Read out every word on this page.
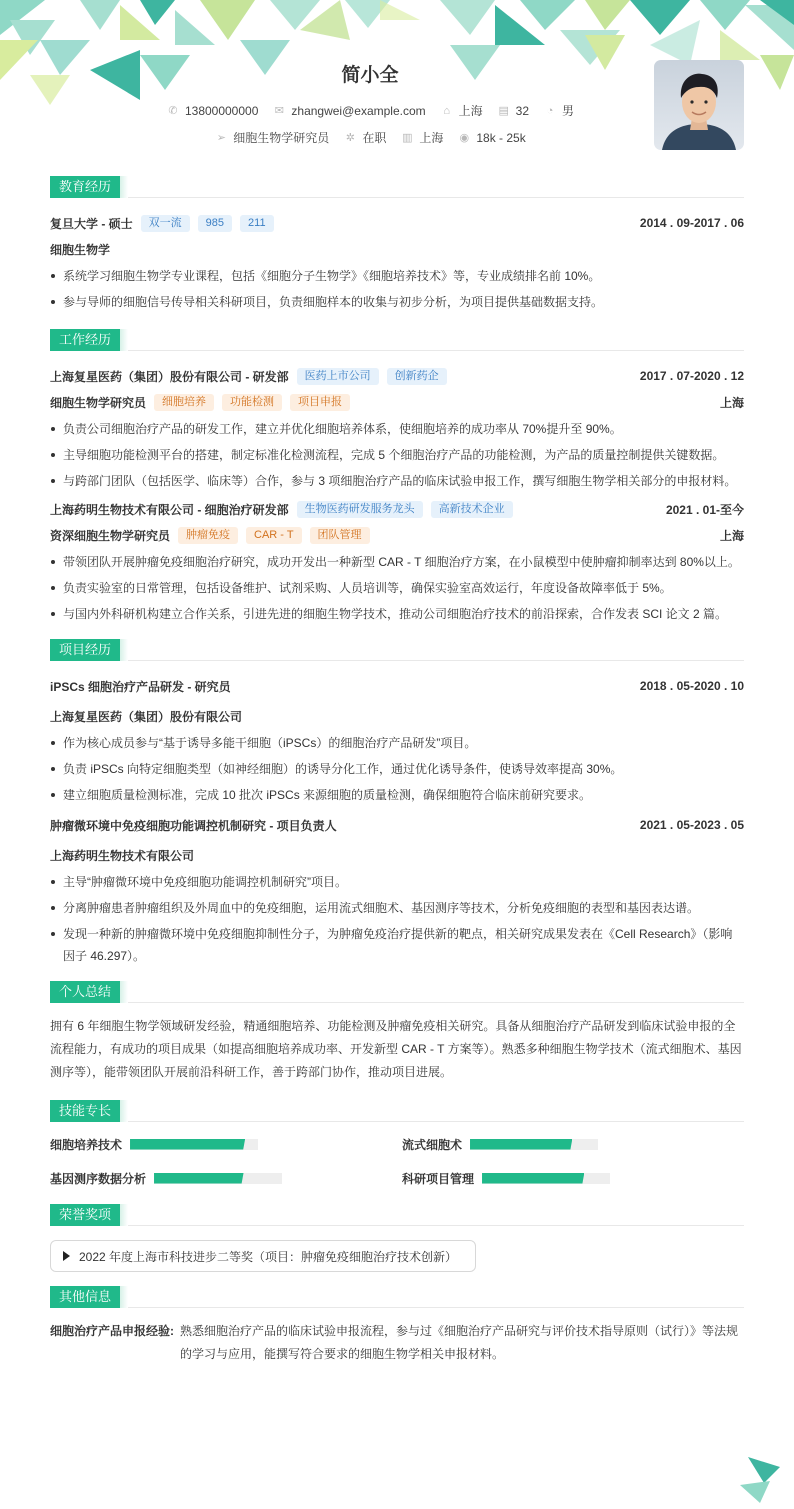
简小全
✆ 13800000000 ✉ zhangwei@example.com	⌂ 上海 ▤ 32	◔ 男
➢ 细胞生物学研究员 ✲ 在职 ▥ 上海 ◉ 18k - 25k
教育经历
复旦大学 - 硕士	双一流	985	211	2014 . 09-2017 . 06
细胞生物学
系统学习细胞生物学专业课程，包括《细胞分子生物学》《细胞培养技术》等，专业成绩排名前 10%。
参与导师的细胞信号传导相关科研项目，负责细胞样本的收集与初步分析，为项目提供基础数据支持。
工作经历
上海复星医药（集团）股份有限公司 - 研发部	医药上市公司	创新药企	2017 . 07-2020 . 12
细胞生物学研究员	细胞培养	功能检测	项目申报	上海
负责公司细胞治疗产品的研发工作，建立并优化细胞培养体系，使细胞培养的成功率从 70%提升至 90%。
主导细胞功能检测平台的搭建，制定标准化检测流程，完成 5 个细胞治疗产品的功能检测，为产品的质量控制提供关键数据。
与跨部门团队（包括医学、临床等）合作，参与 3 项细胞治疗产品的临床试验申报工作，撰写细胞生物学相关部分的申报材料。
上海药明生物技术有限公司 - 细胞治疗研发部	生物医药研发服务龙头	高新技术企业	2021 . 01-至今
资深细胞生物学研究员	肿瘤免疫	CAR - T	团队管理	上海
带领团队开展肿瘤免疫细胞治疗研究，成功开发出一种新型 CAR - T 细胞治疗方案，在小鼠模型中使肿瘤抑制率达到 80%以上。
负责实验室的日常管理，包括设备维护、试剂采购、人员培训等，确保实验室高效运行，年度设备故障率低于 5%。
与国内外科研机构建立合作关系，引进先进的细胞生物学技术，推动公司细胞治疗技术的前沿探索，合作发表 SCI 论文 2 篇。
项目经历
iPSCs 细胞治疗产品研发 - 研究员	2018 . 05-2020 . 10
上海复星医药（集团）股份有限公司
作为核心成员参与“基于诱导多能干细胞（iPSCs）的细胞治疗产品研发”项目。
负责 iPSCs 向特定细胞类型（如神经细胞）的诱导分化工作，通过优化诱导条件，使诱导效率提高 30%。
建立细胞质量检测标准，完成 10 批次 iPSCs 来源细胞的质量检测，确保细胞符合临床前研究要求。
肿瘤微环境中免疫细胞功能调控机制研究 - 项目负责人	2021 . 05-2023 . 05
上海药明生物技术有限公司
主导“肿瘤微环境中免疫细胞功能调控机制研究”项目。
分离肿瘤患者肿瘤组织及外周血中的免疫细胞，运用流式细胞术、基因测序等技术，分析免疫细胞的表型和基因表达谱。
发现一种新的肿瘤微环境中免疫细胞抑制性分子，为肿瘤免疫治疗提供新的靶点，相关研究成果发表在《Cell Research》（影响因子 46.297）。
个人总结

拥有 6 年细胞生物学领域研发经验，精通细胞培养、功能检测及肿瘤免疫相关研究。具备从细胞治疗产品研发到临床试验申报的全流程能力，有成功的项目成果（如提高细胞培养成功率、开发新型 CAR - T 方案等）。熟悉多种细胞生物学技术（流式细胞术、基因测序等），能带领团队开展前沿科研工作，善于跨部门协作，推动项目进展。

技能专长
细胞培养技术	流式细胞术
基因测序数据分析	科研项目管理
荣誉奖项
2022 年度上海市科技进步二等奖（项目：肿瘤免疫细胞治疗技术创新）
其他信息
细胞治疗产品申报经验: 熟悉细胞治疗产品的临床试验申报流程，参与过《细胞治疗产品研究与评价技术指导原则（试行）》等法规的学习与应用，能撰写符合要求的细胞生物学相关申报材料。
